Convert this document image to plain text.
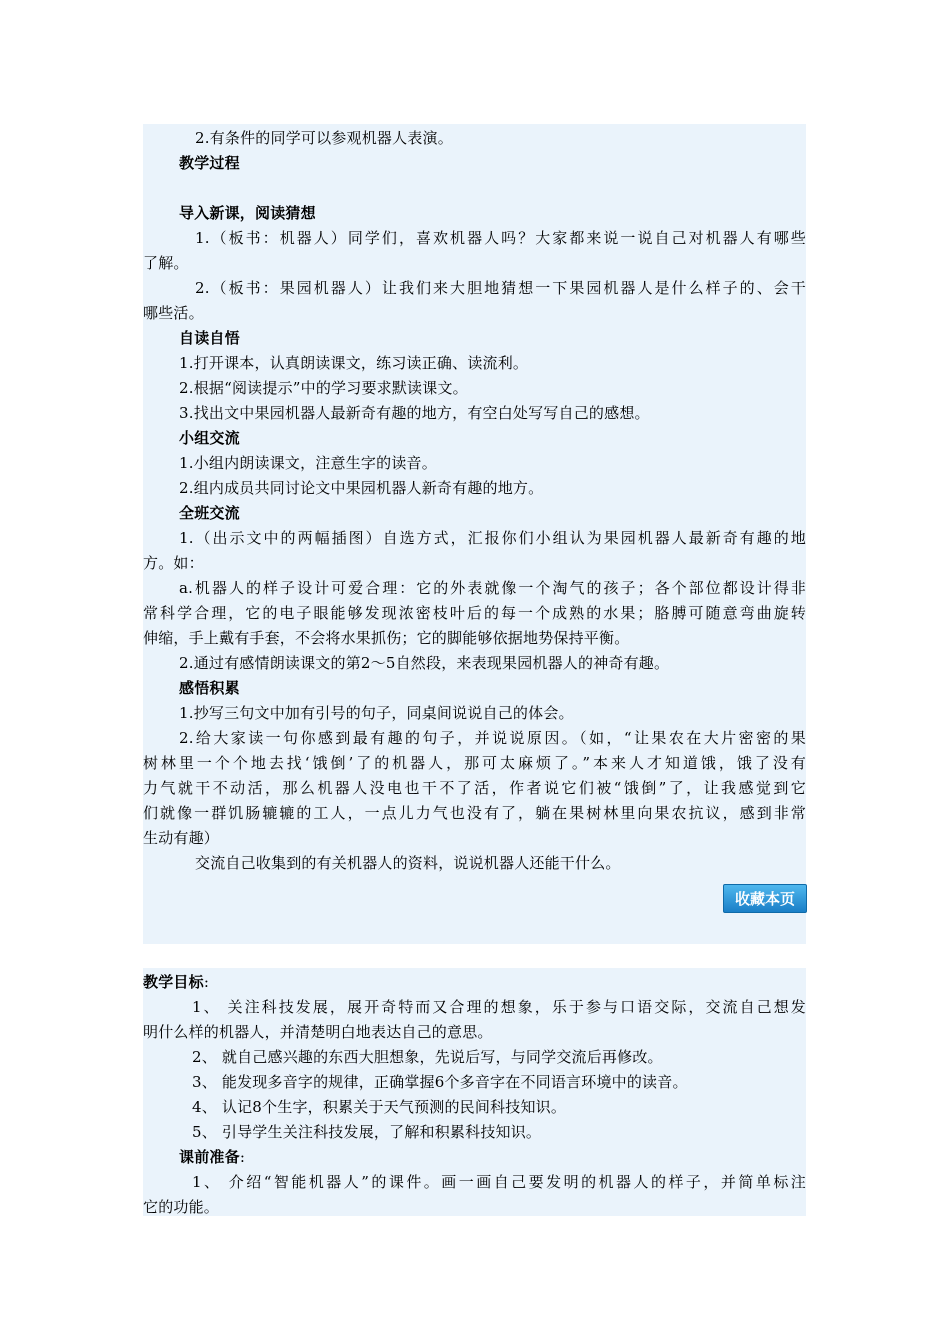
2.有条件的同学可以参观机器人表演。
教学过程
导入新课，阅读猜想
1.（板书：机器人）同学们，喜欢机器人吗？大家都来说一说自己对机器人有哪些
了解。
2.（板书：果园机器人）让我们来大胆地猜想一下果园机器人是什么样子的、会干
哪些活。
自读自悟
1.打开课本，认真朗读课文，练习读正确、读流利。
2.根据“阅读提示”中的学习要求默读课文。
3.找出文中果园机器人最新奇有趣的地方，有空白处写写自己的感想。
小组交流
1.小组内朗读课文，注意生字的读音。
2.组内成员共同讨论文中果园机器人新奇有趣的地方。
全班交流
1.（出示文中的两幅插图）自选方式，汇报你们小组认为果园机器人最新奇有趣的地
方。如：
a.机器人的样子设计可爱合理：它的外表就像一个淘气的孩子；各个部位都设计得非
常科学合理，它的电子眼能够发现浓密枝叶后的每一个成熟的水果；胳膊可随意弯曲旋转
伸缩，手上戴有手套，不会将水果抓伤；它的脚能够依据地势保持平衡。
2.通过有感情朗读课文的第2～5自然段，来表现果园机器人的神奇有趣。
感悟积累
1.抄写三句文中加有引号的句子，同桌间说说自己的体会。
2.给大家读一句你感到最有趣的句子，并说说原因。（如，“让果农在大片密密的果
树林里一个个地去找‘饿倒’了的机器人，那可太麻烦了。”本来人才知道饿，饿了没有
力气就干不动活，那么机器人没电也干不了活，作者说它们被“饿倒”了，让我感觉到它
们就像一群饥肠辘辘的工人，一点儿力气也没有了，躺在果树林里向果农抗议，感到非常
生动有趣）
交流自己收集到的有关机器人的资料，说说机器人还能干什么。
收藏本页
教学目标:
1、 关注科技发展，展开奇特而又合理的想象，乐于参与口语交际，交流自己想发
明什么样的机器人，并清楚明白地表达自己的意思。
2、 就自己感兴趣的东西大胆想象，先说后写，与同学交流后再修改。
3、 能发现多音字的规律，正确掌握6个多音字在不同语言环境中的读音。
4、 认记8个生字，积累关于天气预测的民间科技知识。
5、 引导学生关注科技发展，了解和积累科技知识。
课前准备:
1、 介绍“智能机器人”的课件。画一画自己要发明的机器人的样子，并简单标注
它的功能。
